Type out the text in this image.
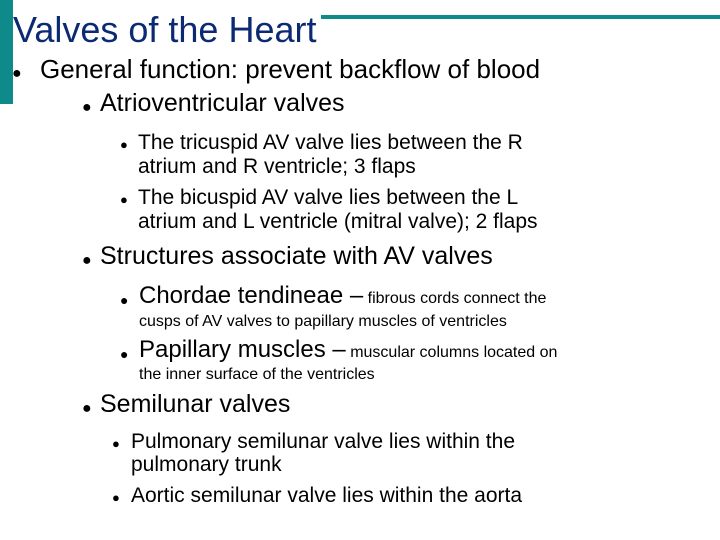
Valves of the Heart
● General function: prevent backflow of blood
● Atrioventricular valves
● The tricuspid AV valve lies between the R
atrium and R ventricle; 3 flaps
● The bicuspid AV valve lies between the L
atrium and L ventricle (mitral valve); 2 flaps
● Structures associate with AV valves
● Chordae tendineae – fibrous cords connect the
cusps of AV valves to papillary muscles of ventricles
● Papillary muscles – muscular columns located on
the inner surface of the ventricles
● Semilunar valves
● Pulmonary semilunar valve lies within the
pulmonary trunk
● Aortic semilunar valve lies within the aorta
